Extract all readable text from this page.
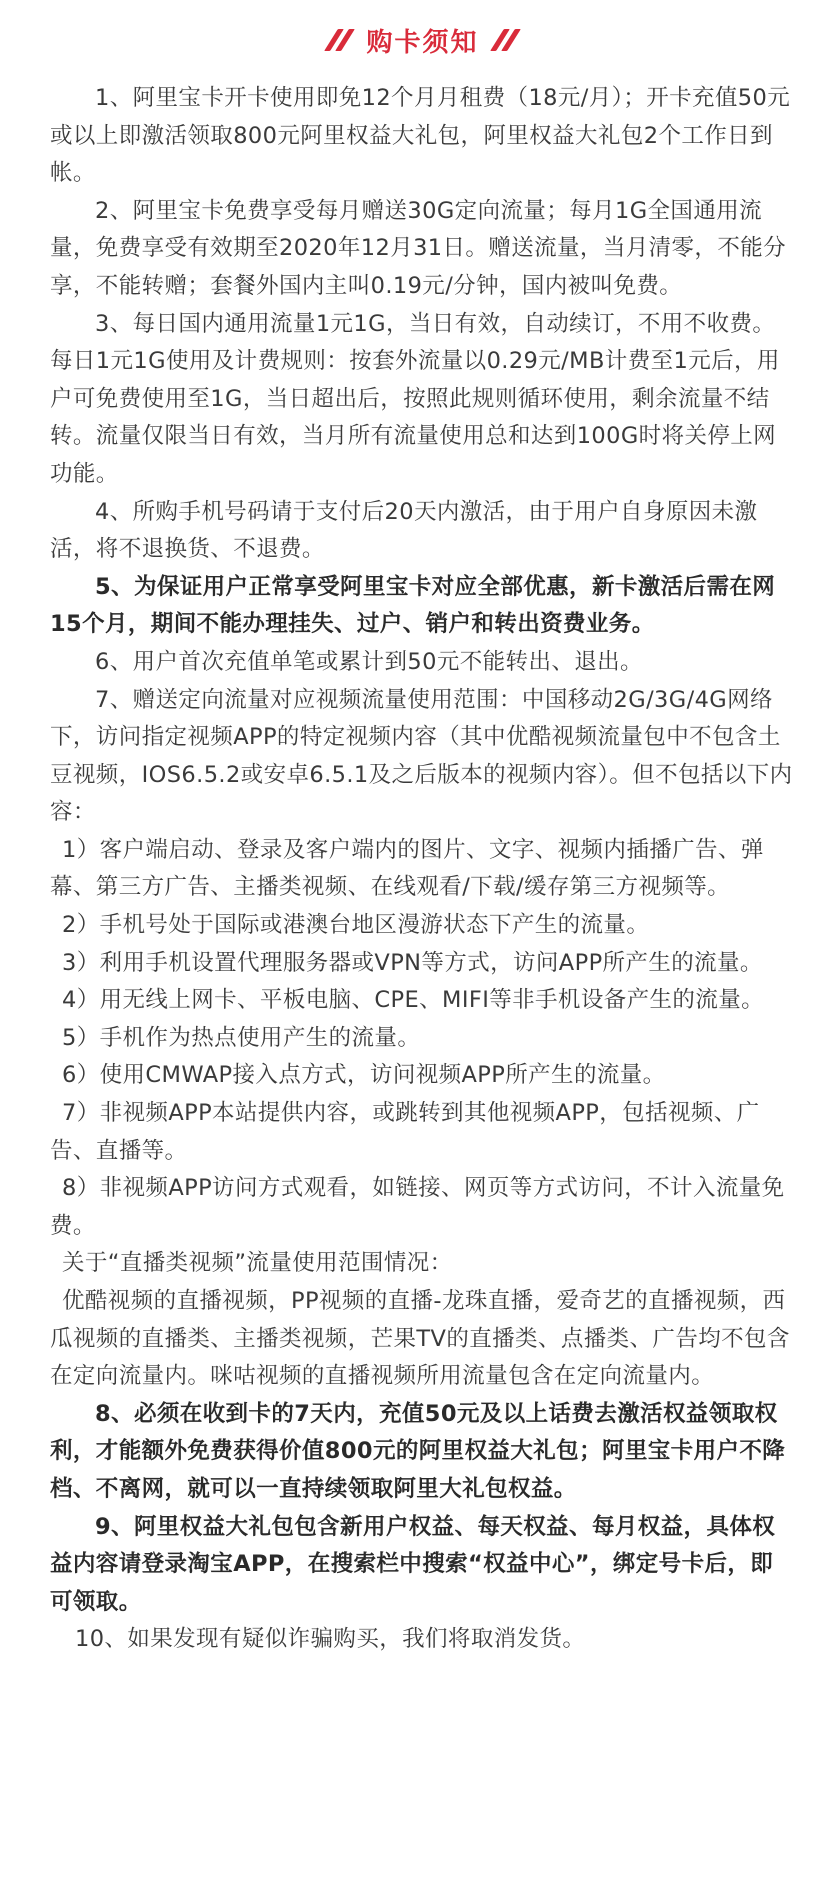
购卡须知

1、阿里宝卡开卡使用即免12个月月租费（18元/月）；开卡充值50元或以上即激活领取800元阿里权益大礼包，阿里权益大礼包2个工作日到帐。

2、阿里宝卡免费享受每月赠送30G定向流量；每月1G全国通用流量，免费享受有效期至2020年12月31日。赠送流量，当月清零，不能分享，不能转赠；套餐外国内主叫0.19元/分钟，国内被叫免费。

3、每日国内通用流量1元1G，当日有效，自动续订，不用不收费。每日1元1G使用及计费规则：按套外流量以0.29元/MB计费至1元后，用户可免费使用至1G，当日超出后，按照此规则循环使用，剩余流量不结转。流量仅限当日有效，当月所有流量使用总和达到100G时将关停上网功能。

4、所购手机号码请于支付后20天内激活，由于用户自身原因未激活，将不退换货、不退费。

5、为保证用户正常享受阿里宝卡对应全部优惠，新卡激活后需在网15个月，期间不能办理挂失、过户、销户和转出资费业务。

6、用户首次充值单笔或累计到50元不能转出、退出。

7、赠送定向流量对应视频流量使用范围：中国移动2G/3G/4G网络下，访问指定视频APP的特定视频内容（其中优酷视频流量包中不包含土豆视频，IOS6.5.2或安卓6.5.1及之后版本的视频内容）。但不包括以下内容：

1）客户端启动、登录及客户端内的图片、文字、视频内插播广告、弹幕、第三方广告、主播类视频、在线观看/下载/缓存第三方视频等。

2）手机号处于国际或港澳台地区漫游状态下产生的流量。

3）利用手机设置代理服务器或VPN等方式，访问APP所产生的流量。

4）用无线上网卡、平板电脑、CPE、MIFI等非手机设备产生的流量。

5）手机作为热点使用产生的流量。

6）使用CMWAP接入点方式，访问视频APP所产生的流量。

7）非视频APP本站提供内容，或跳转到其他视频APP，包括视频、广告、直播等。

8）非视频APP访问方式观看，如链接、网页等方式访问，不计入流量免费。

关于“直播类视频”流量使用范围情况：

优酷视频的直播视频，PP视频的直播-龙珠直播，爱奇艺的直播视频，西瓜视频的直播类、主播类视频，芒果TV的直播类、点播类、广告均不包含在定向流量内。咪咕视频的直播视频所用流量包含在定向流量内。

8、必须在收到卡的7天内，充值50元及以上话费去激活权益领取权利，才能额外免费获得价值800元的阿里权益大礼包；阿里宝卡用户不降档、不离网，就可以一直持续领取阿里大礼包权益。

9、阿里权益大礼包包含新用户权益、每天权益、每月权益，具体权益内容请登录淘宝APP，在搜索栏中搜索“权益中心”，绑定号卡后，即可领取。

10、如果发现有疑似诈骗购买，我们将取消发货。
